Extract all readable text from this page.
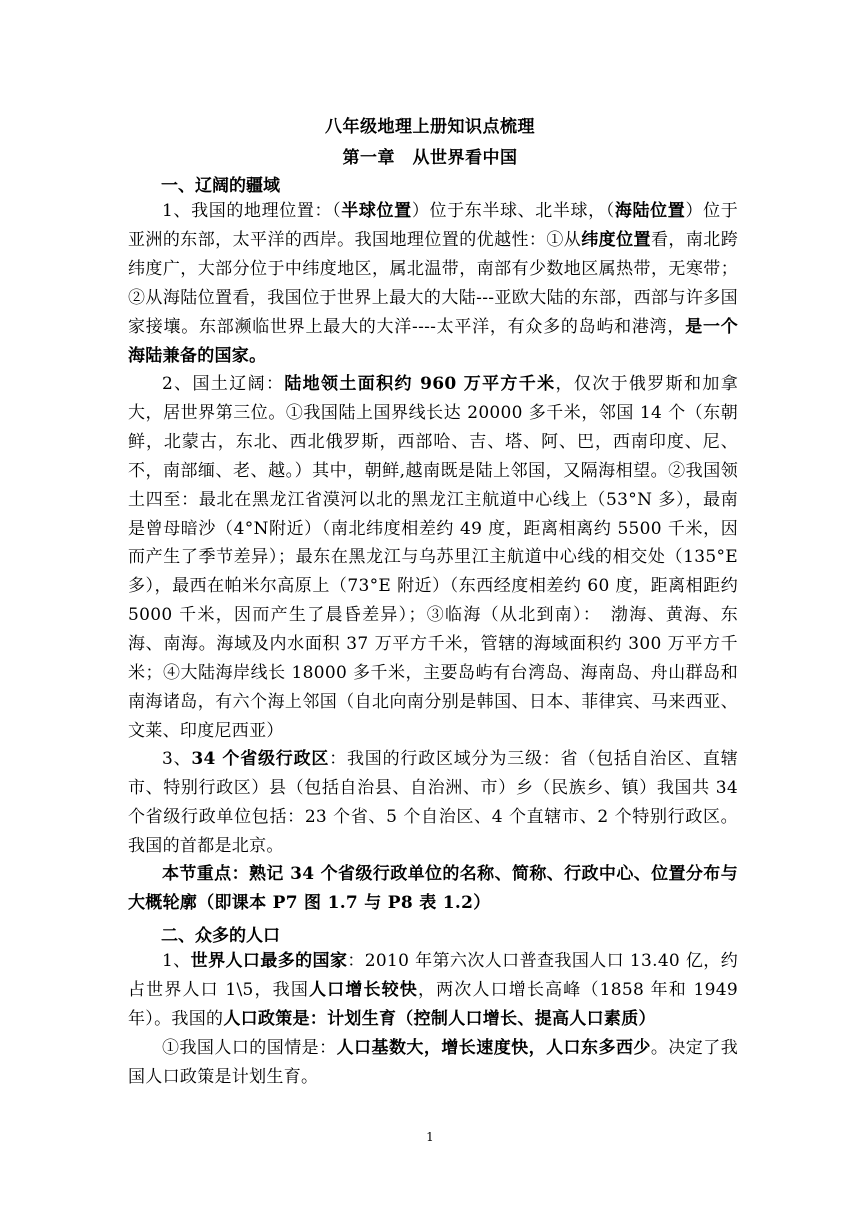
八年级地理上册知识点梳理
第一章　从世界看中国
一、辽阔的疆域
1、我国的地理位置：（半球位置）位于东半球、北半球，（海陆位置）位于亚洲的东部，太平洋的西岸。我国地理位置的优越性：①从纬度位置看，南北跨纬度广，大部分位于中纬度地区，属北温带，南部有少数地区属热带，无寒带；②从海陆位置看，我国位于世界上最大的大陆---亚欧大陆的东部，西部与许多国家接壤。东部濒临世界上最大的大洋----太平洋，有众多的岛屿和港湾，是一个海陆兼备的国家。
2、国土辽阔：陆地领土面积约 960 万平方千米，仅次于俄罗斯和加拿大，居世界第三位。①我国陆上国界线长达 20000 多千米，邻国 14 个（东朝鲜，北蒙古，东北、西北俄罗斯，西部哈、吉、塔、阿、巴，西南印度、尼、不，南部缅、老、越。）其中，朝鲜,越南既是陆上邻国，又隔海相望。②我国领土四至：最北在黑龙江省漠河以北的黑龙江主航道中心线上（53°N 多），最南是曾母暗沙（4°N附近）（南北纬度相差约 49 度，距离相离约 5500 千米，因而产生了季节差异）；最东在黑龙江与乌苏里江主航道中心线的相交处（135°E多），最西在帕米尔高原上（73°E 附近）（东西经度相差约 60 度，距离相距约 5000 千米，因而产生了晨昏差异）；③临海（从北到南）：　渤海、黄海、东海、南海。海域及内水面积 37 万平方千米，管辖的海域面积约 300 万平方千米；④大陆海岸线长 18000 多千米，主要岛屿有台湾岛、海南岛、舟山群岛和南海诸岛，有六个海上邻国（自北向南分别是韩国、日本、菲律宾、马来西亚、文莱、印度尼西亚）
3、34 个省级行政区：我国的行政区域分为三级：省（包括自治区、直辖市、特别行政区）县（包括自治县、自治洲、市）乡（民族乡、镇）我国共 34 个省级行政单位包括：23 个省、5 个自治区、4 个直辖市、2 个特别行政区。我国的首都是北京。
本节重点：熟记 34 个省级行政单位的名称、简称、行政中心、位置分布与大概轮廓（即课本 P7 图 1.7 与 P8 表 1.2）
二、众多的人口
1、世界人口最多的国家：2010 年第六次人口普查我国人口 13.40 亿，约占世界人口 1\5，我国人口增长较快，两次人口增长高峰（1858 年和 1949 年）。我国的人口政策是：计划生育（控制人口增长、提高人口素质）
①我国人口的国情是：人口基数大，增长速度快，人口东多西少。决定了我国人口政策是计划生育。
1
